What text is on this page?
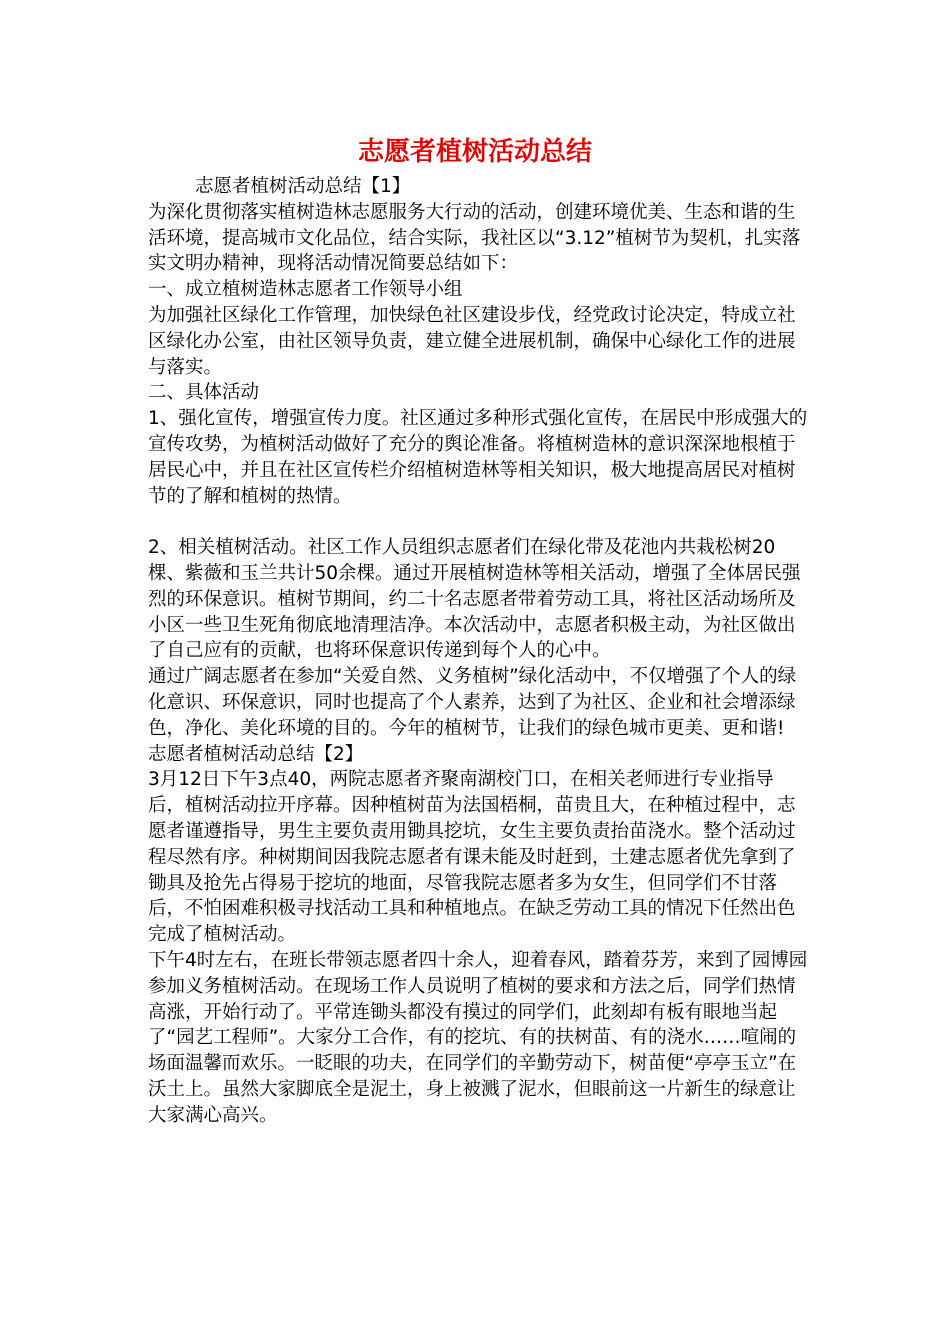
志愿者植树活动总结

志愿者植树活动总结【1】

为深化贯彻落实植树造林志愿服务大行动的活动，创建环境优美、生态和谐的生活环境，提高城市文化品位，结合实际，我社区以“3.12”植树节为契机，扎实落实文明办精神，现将活动情况简要总结如下：

一、成立植树造林志愿者工作领导小组

为加强社区绿化工作管理，加快绿色社区建设步伐，经党政讨论决定，特成立社区绿化办公室，由社区领导负责，建立健全进展机制，确保中心绿化工作的进展与落实。

二、具体活动

1、强化宣传，增强宣传力度。社区通过多种形式强化宣传，在居民中形成强大的宣传攻势，为植树活动做好了充分的舆论准备。将植树造林的意识深深地根植于居民心中，并且在社区宣传栏介绍植树造林等相关知识，极大地提高居民对植树节的了解和植树的热情。

2、相关植树活动。社区工作人员组织志愿者们在绿化带及花池内共栽松树20棵、紫薇和玉兰共计50余棵。通过开展植树造林等相关活动，增强了全体居民强烈的环保意识。植树节期间，约二十名志愿者带着劳动工具，将社区活动场所及小区一些卫生死角彻底地清理洁净。本次活动中，志愿者积极主动，为社区做出了自己应有的贡献，也将环保意识传递到每个人的心中。

通过广阔志愿者在参加“关爱自然、义务植树”绿化活动中，不仅增强了个人的绿化意识、环保意识，同时也提高了个人素养，达到了为社区、企业和社会增添绿色，净化、美化环境的目的。今年的植树节，让我们的绿色城市更美、更和谐!

志愿者植树活动总结【2】

3月12日下午3点40，两院志愿者齐聚南湖校门口，在相关老师进行专业指导后，植树活动拉开序幕。因种植树苗为法国梧桐，苗贵且大，在种植过程中，志愿者谨遵指导，男生主要负责用锄具挖坑，女生主要负责抬苗浇水。整个活动过程尽然有序。种树期间因我院志愿者有课未能及时赶到，土建志愿者优先拿到了锄具及抢先占得易于挖坑的地面，尽管我院志愿者多为女生，但同学们不甘落后，不怕困难积极寻找活动工具和种植地点。在缺乏劳动工具的情况下任然出色完成了植树活动。

下午4时左右，在班长带领志愿者四十余人，迎着春风，踏着芬芳，来到了园博园参加义务植树活动。在现场工作人员说明了植树的要求和方法之后，同学们热情高涨，开始行动了。平常连锄头都没有摸过的同学们，此刻却有板有眼地当起了“园艺工程师”。大家分工合作，有的挖坑、有的扶树苗、有的浇水……喧闹的场面温馨而欢乐。一眨眼的功夫，在同学们的辛勤劳动下，树苗便“亭亭玉立”在沃土上。虽然大家脚底全是泥土，身上被溅了泥水，但眼前这一片新生的绿意让大家满心高兴。
